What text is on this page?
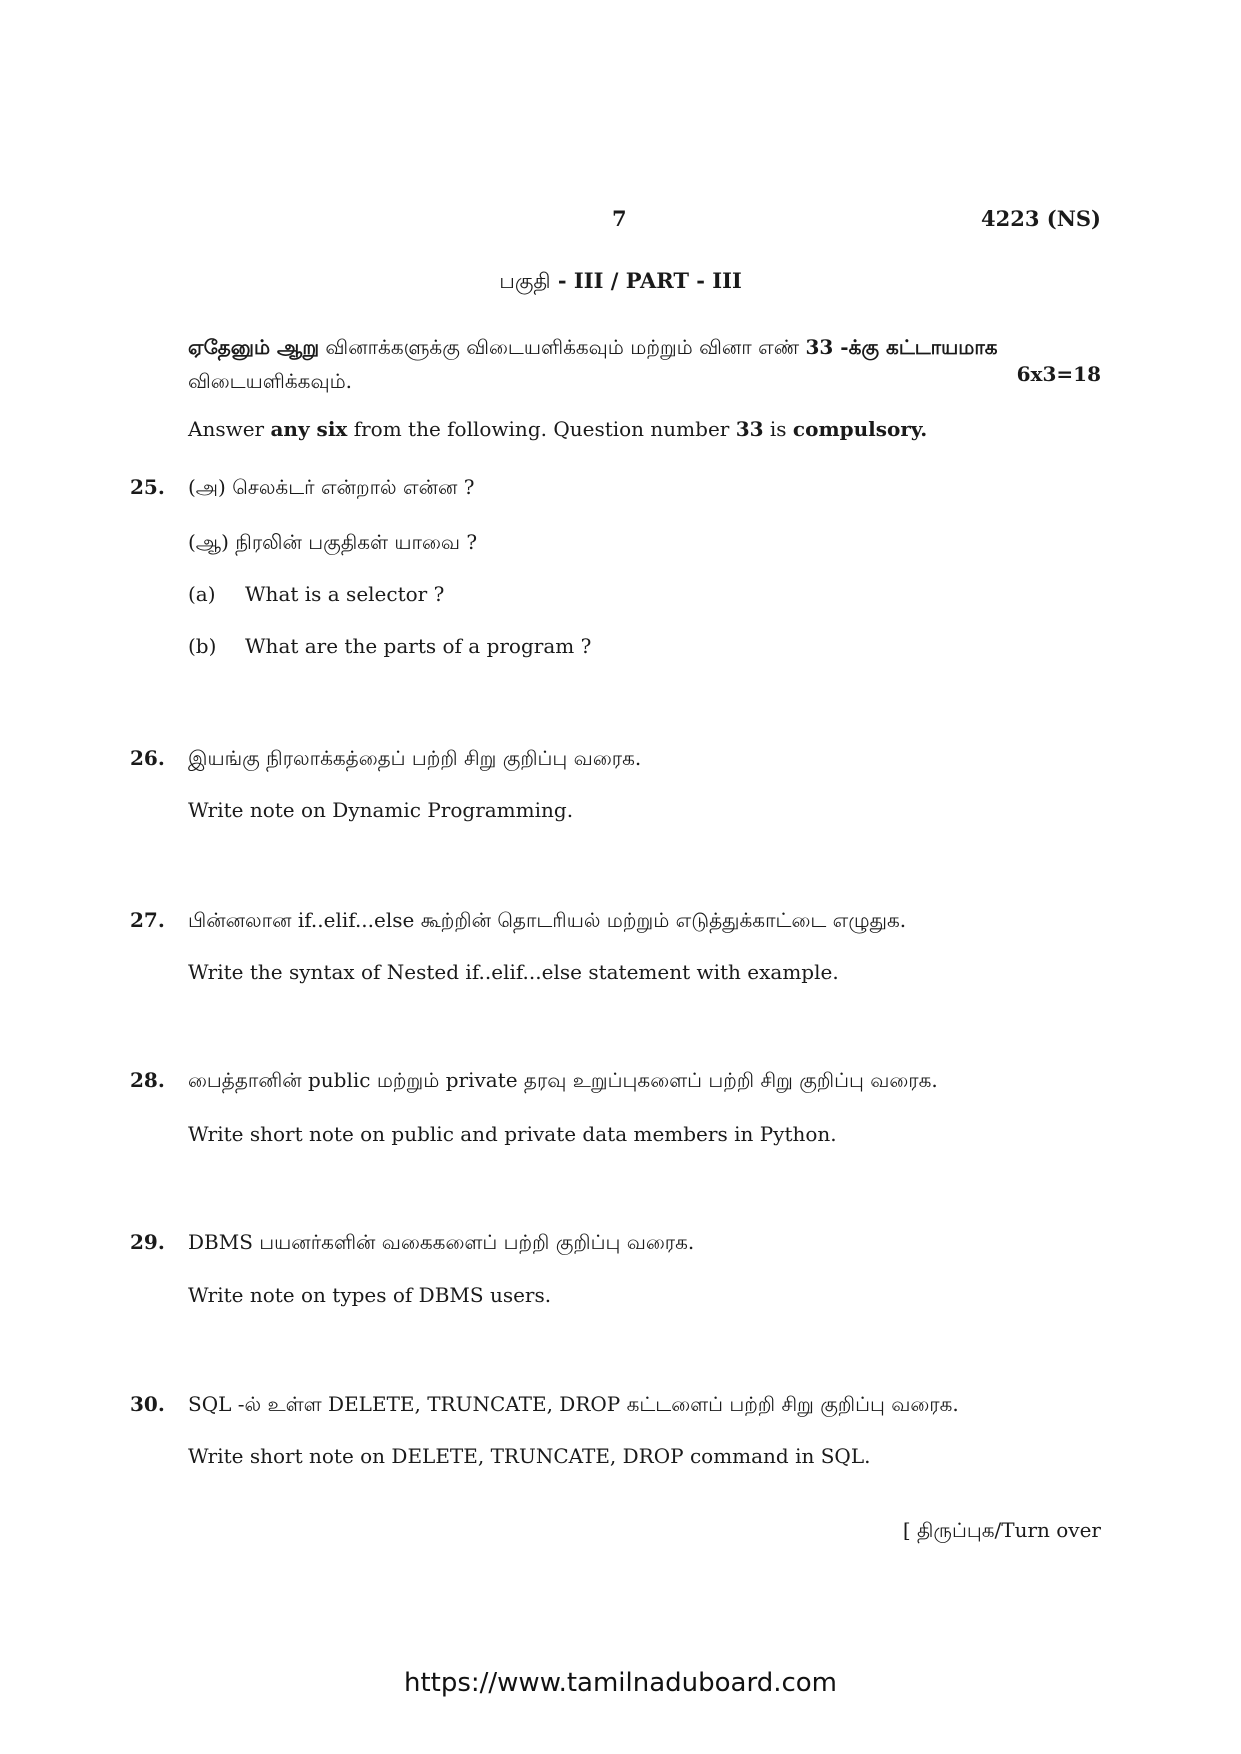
7	4223 (NS)
பகுதி - III / PART - III
ஏதேனும் ஆறு வினாக்களுக்கு விடையளிக்கவும் மற்றும் வினா எண் 33 -க்கு கட்டாயமாக விடையளிக்கவும்.	6x3=18
Answer any six from the following. Question number 33 is compulsory.
25. (அ) செலக்டர் என்றால் என்ன ?
(ஆ) நிரலின் பகுதிகள் யாவை ?
(a) What is a selector ?
(b) What are the parts of a program ?
26. இயங்கு நிரலாக்கத்தைப் பற்றி சிறு குறிப்பு வரைக.
Write note on Dynamic Programming.
27. பின்னலான if..elif...else கூற்றின் தொடரியல் மற்றும் எடுத்துக்காட்டை எழுதுக.
Write the syntax of Nested if..elif...else statement with example.
28. பைத்தானின் public மற்றும் private தரவு உறுப்புகளைப் பற்றி சிறு குறிப்பு வரைக.
Write short note on public and private data members in Python.
29. DBMS பயனர்களின் வகைகளைப் பற்றி குறிப்பு வரைக.
Write note on types of DBMS users.
30. SQL -ல் உள்ள DELETE, TRUNCATE, DROP கட்டளைப் பற்றி சிறு குறிப்பு வரைக.
Write short note on DELETE, TRUNCATE, DROP command in SQL.
[ திருப்புக/Turn over
https://www.tamilnaduboard.com
